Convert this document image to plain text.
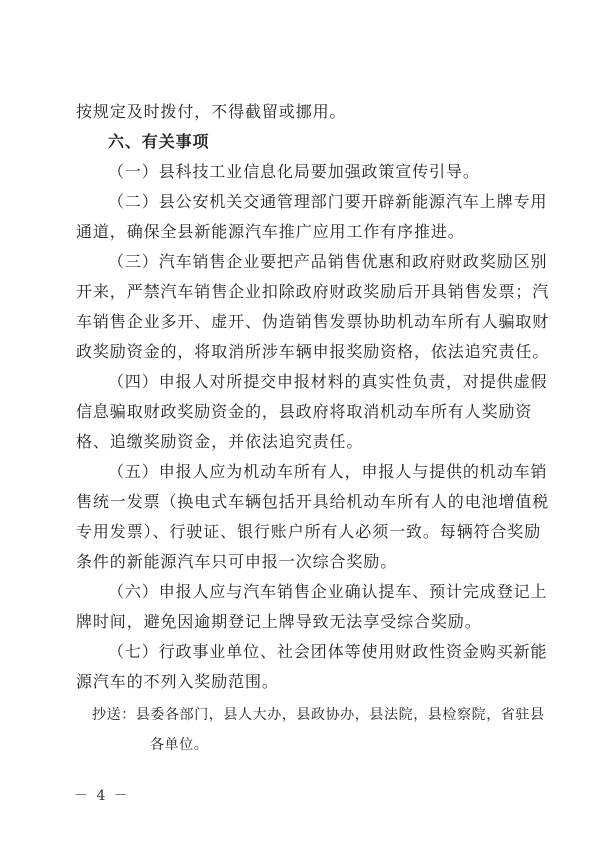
按规定及时拨付，不得截留或挪用。
六、有关事项
（一）县科技工业信息化局要加强政策宣传引导。
（二）县公安机关交通管理部门要开辟新能源汽车上牌专用
通道，确保全县新能源汽车推广应用工作有序推进。
（三）汽车销售企业要把产品销售优惠和政府财政奖励区别
开来，严禁汽车销售企业扣除政府财政奖励后开具销售发票；汽
车销售企业多开、虚开、伪造销售发票协助机动车所有人骗取财
政奖励资金的，将取消所涉车辆申报奖励资格，依法追究责任。
（四）申报人对所提交申报材料的真实性负责，对提供虚假
信息骗取财政奖励资金的，县政府将取消机动车所有人奖励资
格、追缴奖励资金，并依法追究责任。
（五）申报人应为机动车所有人，申报人与提供的机动车销
售统一发票（换电式车辆包括开具给机动车所有人的电池增值税
专用发票）、行驶证、银行账户所有人必须一致。每辆符合奖励
条件的新能源汽车只可申报一次综合奖励。
（六）申报人应与汽车销售企业确认提车、预计完成登记上
牌时间，避免因逾期登记上牌导致无法享受综合奖励。
（七）行政事业单位、社会团体等使用财政性资金购买新能
源汽车的不列入奖励范围。
抄送：县委各部门，县人大办，县政协办，县法院，县检察院，省驻县
各单位。
－ 4 －
